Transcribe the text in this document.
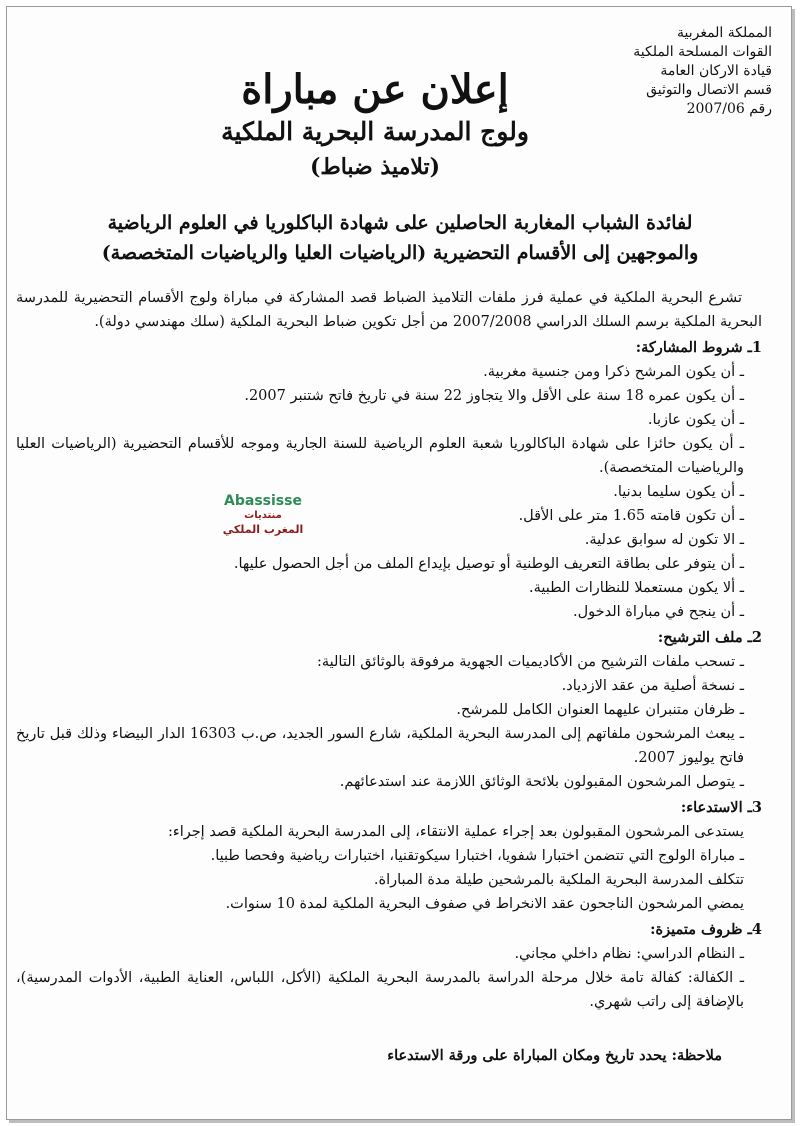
المملكة المغربية
القوات المسلحة الملكية
قيادة الاركان العامة
قسم الاتصال والتوثيق
رقم 2007/06
إعلان عن مباراة
ولوج المدرسة البحرية الملكية
(تلاميذ ضباط)
لفائدة الشباب المغاربة الحاصلين على شهادة الباكلوريا في العلوم الرياضية
والموجهين إلى الأقسام التحضيرية (الرياضيات العليا والرياضيات المتخصصة)

تشرع البحرية الملكية في عملية فرز ملفات التلاميذ الضباط قصد المشاركة في مباراة ولوج الأقسام التحضيرية للمدرسة البحرية الملكية برسم السلك الدراسي 2007/2008 من أجل تكوين ضباط البحرية الملكية (سلك مهندسي دولة).

1ـ شروط المشاركة:
ـ أن يكون المرشح ذكرا ومن جنسية مغربية.
ـ أن يكون عمره 18 سنة على الأقل والا يتجاوز 22 سنة في تاريخ فاتح شتنبر 2007.
ـ أن يكون عازبا.
ـ أن يكون حائزا على شهادة الباكالوريا شعبة العلوم الرياضية للسنة الجارية وموجه للأقسام التحضيرية (الرياضيات العليا والرياضيات المتخصصة).
ـ أن يكون سليما بدنيا.
ـ أن تكون قامته 1.65 متر على الأقل.
ـ الا تكون له سوابق عدلية.
ـ أن يتوفر على بطاقة التعريف الوطنية أو توصيل بإيداع الملف من أجل الحصول عليها.
ـ ألا يكون مستعملا للنظارات الطبية.
ـ أن ينجح في مباراة الدخول.
2ـ ملف الترشيح:
ـ تسحب ملفات الترشيح من الأكاديميات الجهوية مرفوقة بالوثائق التالية:
ـ نسخة أصلية من عقد الازدياد.
ـ ظرفان متنبران عليهما العنوان الكامل للمرشح.
ـ يبعث المرشحون ملفاتهم إلى المدرسة البحرية الملكية، شارع السور الجديد، ص.ب 16303 الدار البيضاء وذلك قبل تاريخ فاتح يوليوز 2007.
ـ يتوصل المرشحون المقبولون بلائحة الوثائق اللازمة عند استدعائهم.
3ـ الاستدعاء:
يستدعى المرشحون المقبولون بعد إجراء عملية الانتقاء، إلى المدرسة البحرية الملكية قصد إجراء:
ـ مباراة الولوج التي تتضمن اختبارا شفويا، اختبارا سيكوتقنيا، اختبارات رياضية وفحصا طبيا.
تتكلف المدرسة البحرية الملكية بالمرشحين طيلة مدة المباراة.
يمضي المرشحون الناجحون عقد الانخراط في صفوف البحرية الملكية لمدة 10 سنوات.
4ـ ظروف متميزة:
ـ النظام الدراسي: نظام داخلي مجاني.
ـ الكفالة: كفالة تامة خلال مرحلة الدراسة بالمدرسة البحرية الملكية (الأكل، اللباس، العناية الطبية، الأدوات المدرسية)، بالإضافة إلى راتب شهري.
ملاحظة: يحدد تاريخ ومكان المباراة على ورقة الاستدعاء
Abassisse
منتديات
المغرب الملكي
